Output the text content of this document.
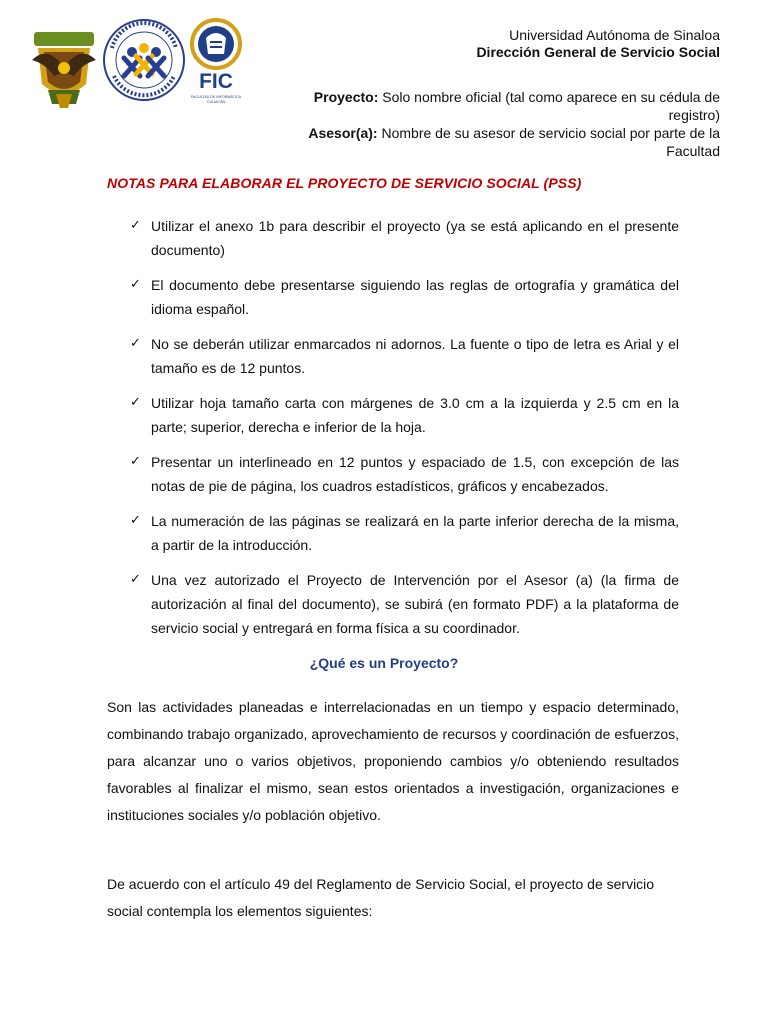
FIC
FACULTAD DE INFORMÁTICA
CULIACÁN
Universidad Autónoma de Sinaloa
Dirección General de Servicio Social
Proyecto: Solo nombre oficial (tal como aparece en su cédula de registro)
Asesor(a): Nombre de su asesor de servicio social por parte de la Facultad
NOTAS PARA ELABORAR EL PROYECTO DE SERVICIO SOCIAL (PSS)
✓ Utilizar el anexo 1b para describir el proyecto (ya se está aplicando en el presente documento)
✓ El documento debe presentarse siguiendo las reglas de ortografía y gramática del idioma español.
✓ No se deberán utilizar enmarcados ni adornos. La fuente o tipo de letra es Arial y el tamaño es de 12 puntos.
✓ Utilizar hoja tamaño carta con márgenes de 3.0 cm a la izquierda y 2.5 cm en la parte; superior, derecha e inferior de la hoja.
✓ Presentar un interlineado en 12 puntos y espaciado de 1.5, con excepción de las notas de pie de página, los cuadros estadísticos, gráficos y encabezados.
✓ La numeración de las páginas se realizará en la parte inferior derecha de la misma, a partir de la introducción.
✓ Una vez autorizado el Proyecto de Intervención por el Asesor (a) (la firma de autorización al final del documento), se subirá (en formato PDF) a la plataforma de servicio social y entregará en forma física a su coordinador.
¿Qué es un Proyecto?

Son las actividades planeadas e interrelacionadas en un tiempo y espacio determinado, combinando trabajo organizado, aprovechamiento de recursos y coordinación de esfuerzos, para alcanzar uno o varios objetivos, proponiendo cambios y/o obteniendo resultados favorables al finalizar el mismo, sean estos orientados a investigación, organizaciones e instituciones sociales y/o población objetivo.

De acuerdo con el artículo 49 del Reglamento de Servicio Social, el proyecto de servicio social contempla los elementos siguientes:
